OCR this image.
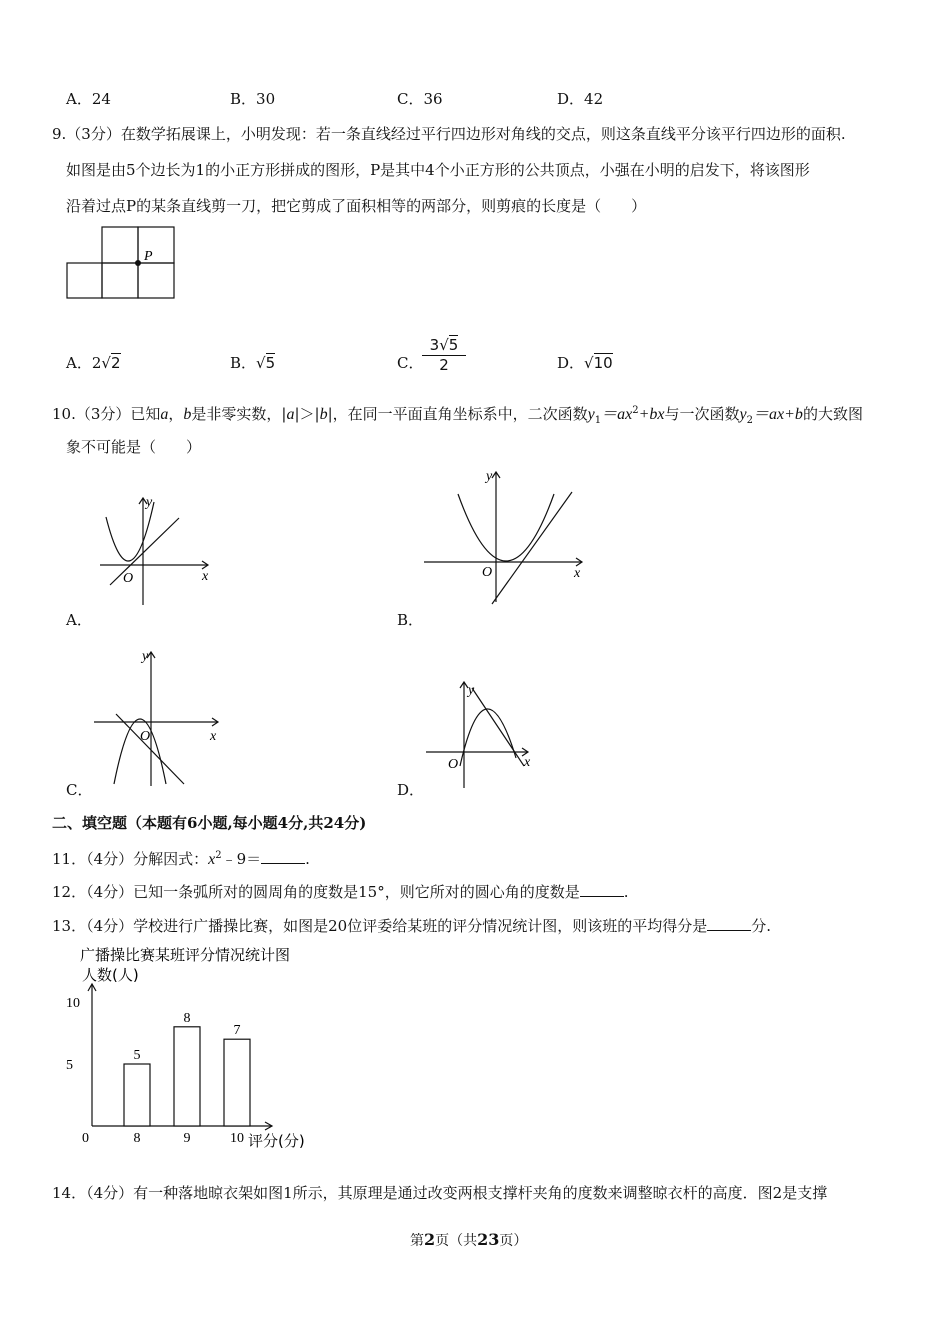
A．24	B．30	C．36	D．42
9.（3分）在数学拓展课上，小明发现：若一条直线经过平行四边形对角线的交点，则这条直线平分该平行四边形的面积.
如图是由5个边长为1的小正方形拼成的图形，P是其中4个小正方形的公共顶点，小强在小明的启发下，将该图形
沿着过点P的某条直线剪一刀，把它剪成了面积相等的两部分，则剪痕的长度是（　　）
P
A．2√2	B．√5	C．
3√5
2	D．√10
10.（3分）已知a，b是非零实数，|a|＞|b|，在同一平面直角坐标系中，二次函数$y_1=ax^2+bx$与一次函数$y_2=ax+b$的大致图
象不可能是（　　）
x
y
O
A．
x
y
O
B．
x
y
O
C．
x
y
O
D．
二、填空题（本题有6小题,每小题4分,共24分)
11．（4分）分解因式：$x^2﹣9=$	.
12．（4分）已知一条弧所对的圆周角的度数是15°，则它所对的圆心角的度数是	.
13．（4分）学校进行广播操比赛，如图是20位评委给某班的评分情况统计图，则该班的平均得分是	分.
广播操比赛某班评分情况统计图
人数(人)
评分(分)
10
5
0
5
8
8
9
7
10
14．（4分）有一种落地晾衣架如图1所示，其原理是通过改变两根支撑杆夹角的度数来调整晾衣杆的高度．图2是支撑
第2页（共23页）
